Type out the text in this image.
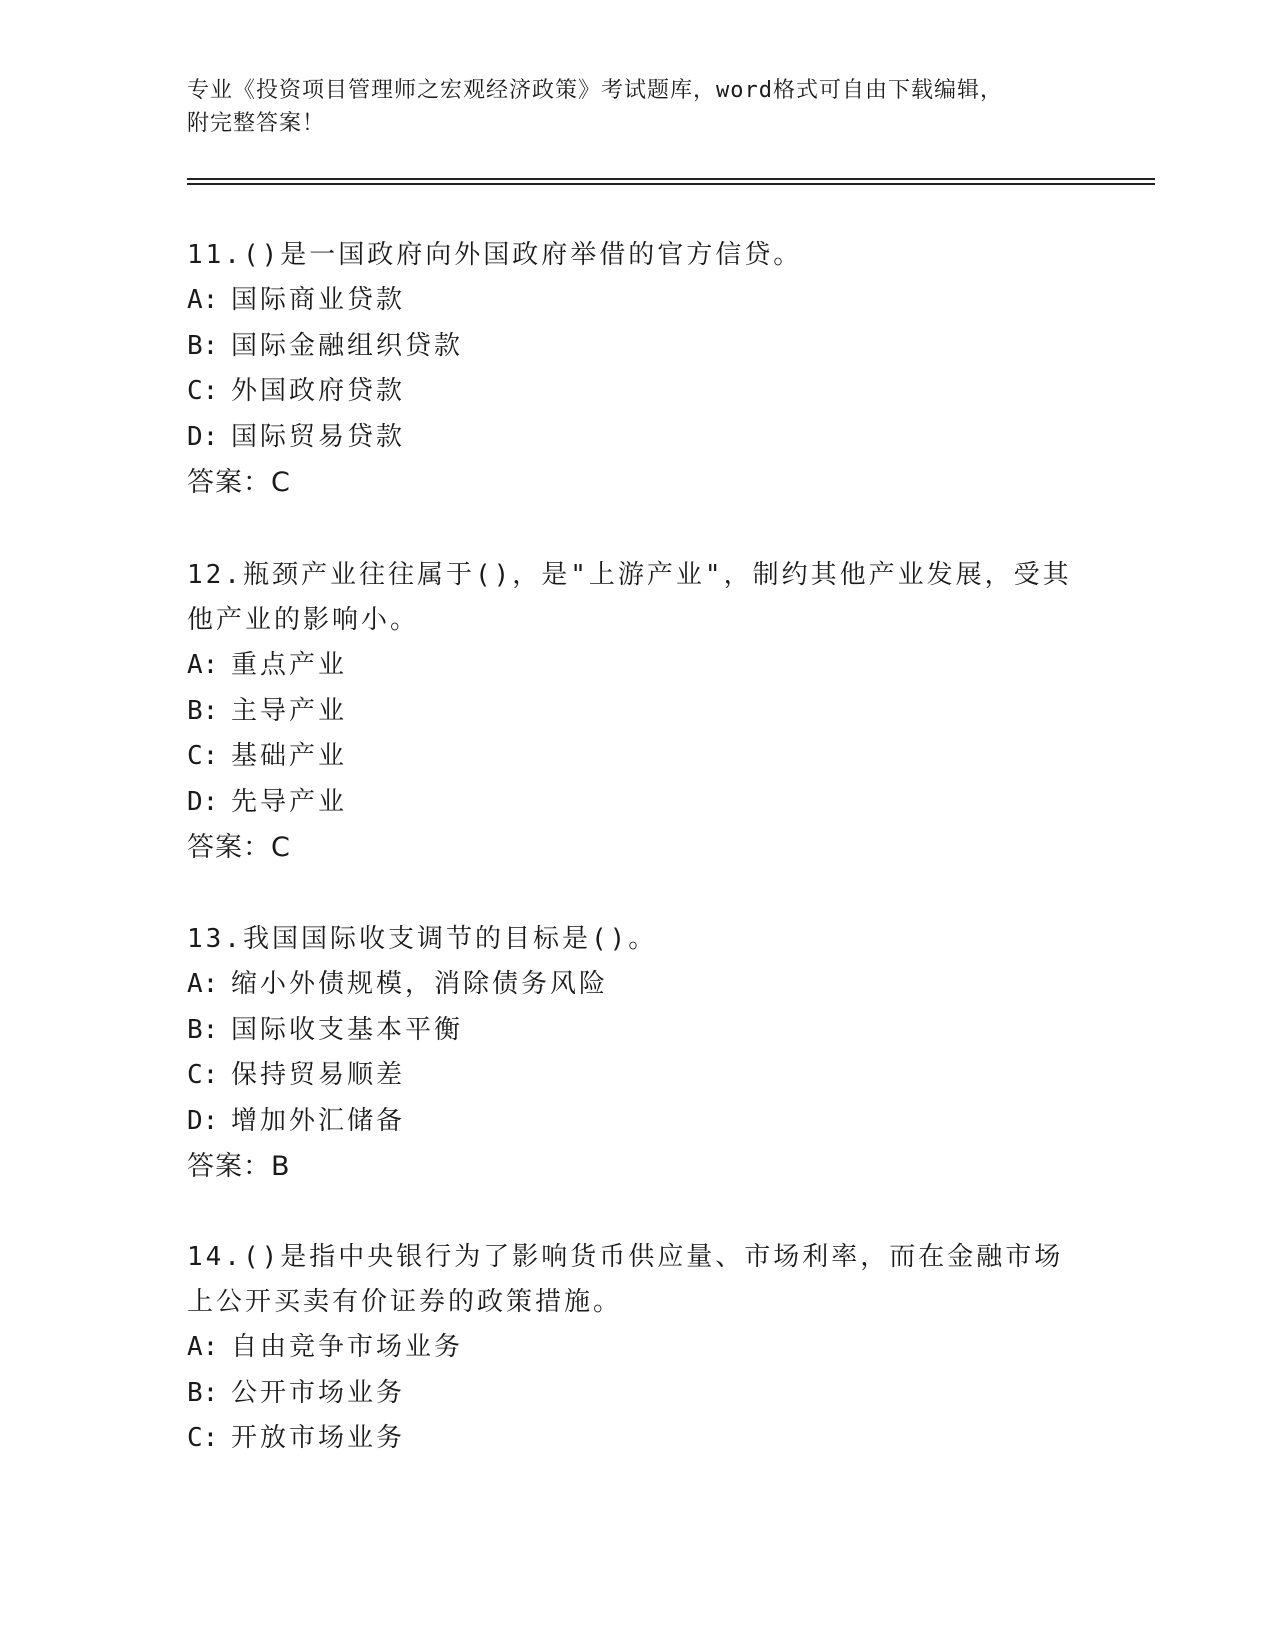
专业《投资项目管理师之宏观经济政策》考试题库，word格式可自由下载编辑，
附完整答案！

11.()是一国政府向外国政府举借的官方信贷。

A: 国际商业贷款

B: 国际金融组织贷款

C: 外国政府贷款

D: 国际贸易贷款

答案：C

12.瓶颈产业往往属于()，是"上游产业"，制约其他产业发展，受其他产业的影响小。

A: 重点产业

B: 主导产业

C: 基础产业

D: 先导产业

答案：C

13.我国国际收支调节的目标是()。

A: 缩小外债规模，消除债务风险

B: 国际收支基本平衡

C: 保持贸易顺差

D: 增加外汇储备

答案：B

14.()是指中央银行为了影响货币供应量、市场利率，而在金融市场上公开买卖有价证券的政策措施。

A: 自由竞争市场业务

B: 公开市场业务

C: 开放市场业务
